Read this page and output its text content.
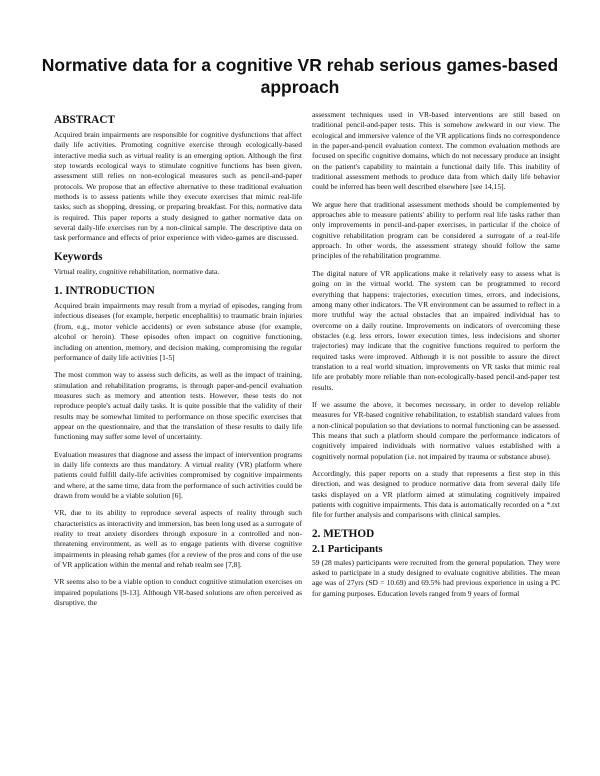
Normative data for a cognitive VR rehab serious games-based approach
ABSTRACT

Acquired brain impairments are responsible for cognitive dysfunctions that affect daily life activities. Promoting cognitive exercise through ecologically-based interactive media such as virtual reality is an emerging option. Although the first step towards ecological ways to stimulate cognitive functions has been given, assessment still relies on non-ecological measures such as pencil-and-paper protocols. We propose that an effective alternative to these traditional evaluation methods is to assess patients while they execute exercises that mimic real-life tasks, such as shopping, dressing, or preparing breakfast. For this, normative data is required. This paper reports a study designed to gather normative data on several daily-life exercises run by a non-clinical sample. The descriptive data on task performance and effects of prior experience with video-games are discussed.

Keywords

Virtual reality, cognitive rehabilitation, normative data.

1. INTRODUCTION

Acquired brain impairments may result from a myriad of episodes, ranging from infectious diseases (for example, herpetic encephalitis) to traumatic brain injuries (from, e.g., motor vehicle accidents) or even substance abuse (for example, alcohol or heroin). These episodes often impact on cognitive functioning, including on attention, memory, and decision making, compromising the regular performance of daily life activities [1-5]

The most common way to assess such deficits, as well as the impact of training, stimulation and rehabilitation programs, is through paper-and-pencil evaluation measures such as memory and attention tests. However, these tests do not reproduce people's actual daily tasks. It is quite possible that the validity of their results may be somewhat limited to performance on those specific exercises that appear on the questionnaire, and that the translation of these results to daily life functioning may suffer some level of uncertainty.

Evaluation measures that diagnose and assess the impact of intervention programs in daily life contexts are thus mandatory. A virtual reality (VR) platform where patients could fulfill daily-life activities compromised by cognitive impairments and where, at the same time, data from the performance of such activities could be drawn from would be a viable solution [6].

VR, due to its ability to reproduce several aspects of reality through such characteristics as interactivity and immersion, has been long used as a surrogate of reality to treat anxiety disorders through exposure in a controlled and non-threatening environment, as well as to engage patients with diverse cognitive impairments in pleasing rehab games (for a review of the pros and cons of the use of VR application within the mental and rehab realm see [7,8].

VR seems also to be a viable option to conduct cognitive stimulation exercises on impaired populations [9-13]. Although VR-based solutions are often perceived as disruptive, the

assessment techniques used in VR-based interventions are still based on traditional pencil-and-paper tests. This is somehow awkward in our view. The ecological and immersive valence of the VR applications finds no correspondence in the paper-and-pencil evaluation context. The common evaluation methods are focused on specific cognitive domains, which do not necessary produce an insight on the patient's capability to maintain a functional daily life. This inability of traditional assessment methods to produce data from which daily life behavior could be inferred has been well described elsewhere [see 14,15].

We argue here that traditional assessment methods should be complemented by approaches able to measure patients' ability to perform real life tasks rather than only improvements in pencil-and-paper exercises, in particular if the choice of cognitive rehabilitation program can be considered a surrogate of a real-life approach. In other words, the assessment strategy should follow the same principles of the rehabilitation programme.

The digital nature of VR applications make it relatively easy to assess what is going on in the virtual world. The system can be programmed to record everything that happens: trajectories, execution times, errors, and indecisions, among many other indicators. The VR environment can be assumed to reflect in a more truthful way the actual obstacles that an impaired individual has to overcome on a daily routine. Improvements on indicators of overcoming these obstacles (e.g. less errors, lower execution times, less indecisions and shorter trajectories) may indicate that the cognitive functions required to perform the required tasks were improved. Although it is not possible to assure the direct translation to a real world situation, improvements on VR tasks that mimic real life are probably more reliable than non-ecologically-based pencil-and-paper test results.

If we assume the above, it becomes necessary, in order to develop reliable measures for VR-based cognitive rehabilitation, to establish standard values from a non-clinical population so that deviations to normal functioning can be assessed. This means that such a platform should compare the performance indicators of cognitively impaired individuals with normative values established with a cognitively normal population (i.e. not impaired by trauma or substance abuse).

Accordingly, this paper reports on a study that represents a first step in this direction, and was designed to produce normative data from several daily life tasks displayed on a VR platform aimed at stimulating cognitively impaired patients with cognitive impairments. This data is automatically recorded on a *.txt file for further analysis and comparisons with clinical samples.

2. METHOD
2.1 Participants

59 (28 males) participants were recruited from the general population. They were asked to participate in a study designed to evaluate cognitive abilities. The mean age was of 27yrs (SD = 10.69) and 69.5% had previous experience in using a PC for gaming purposes. Education levels ranged from 9 years of formal
